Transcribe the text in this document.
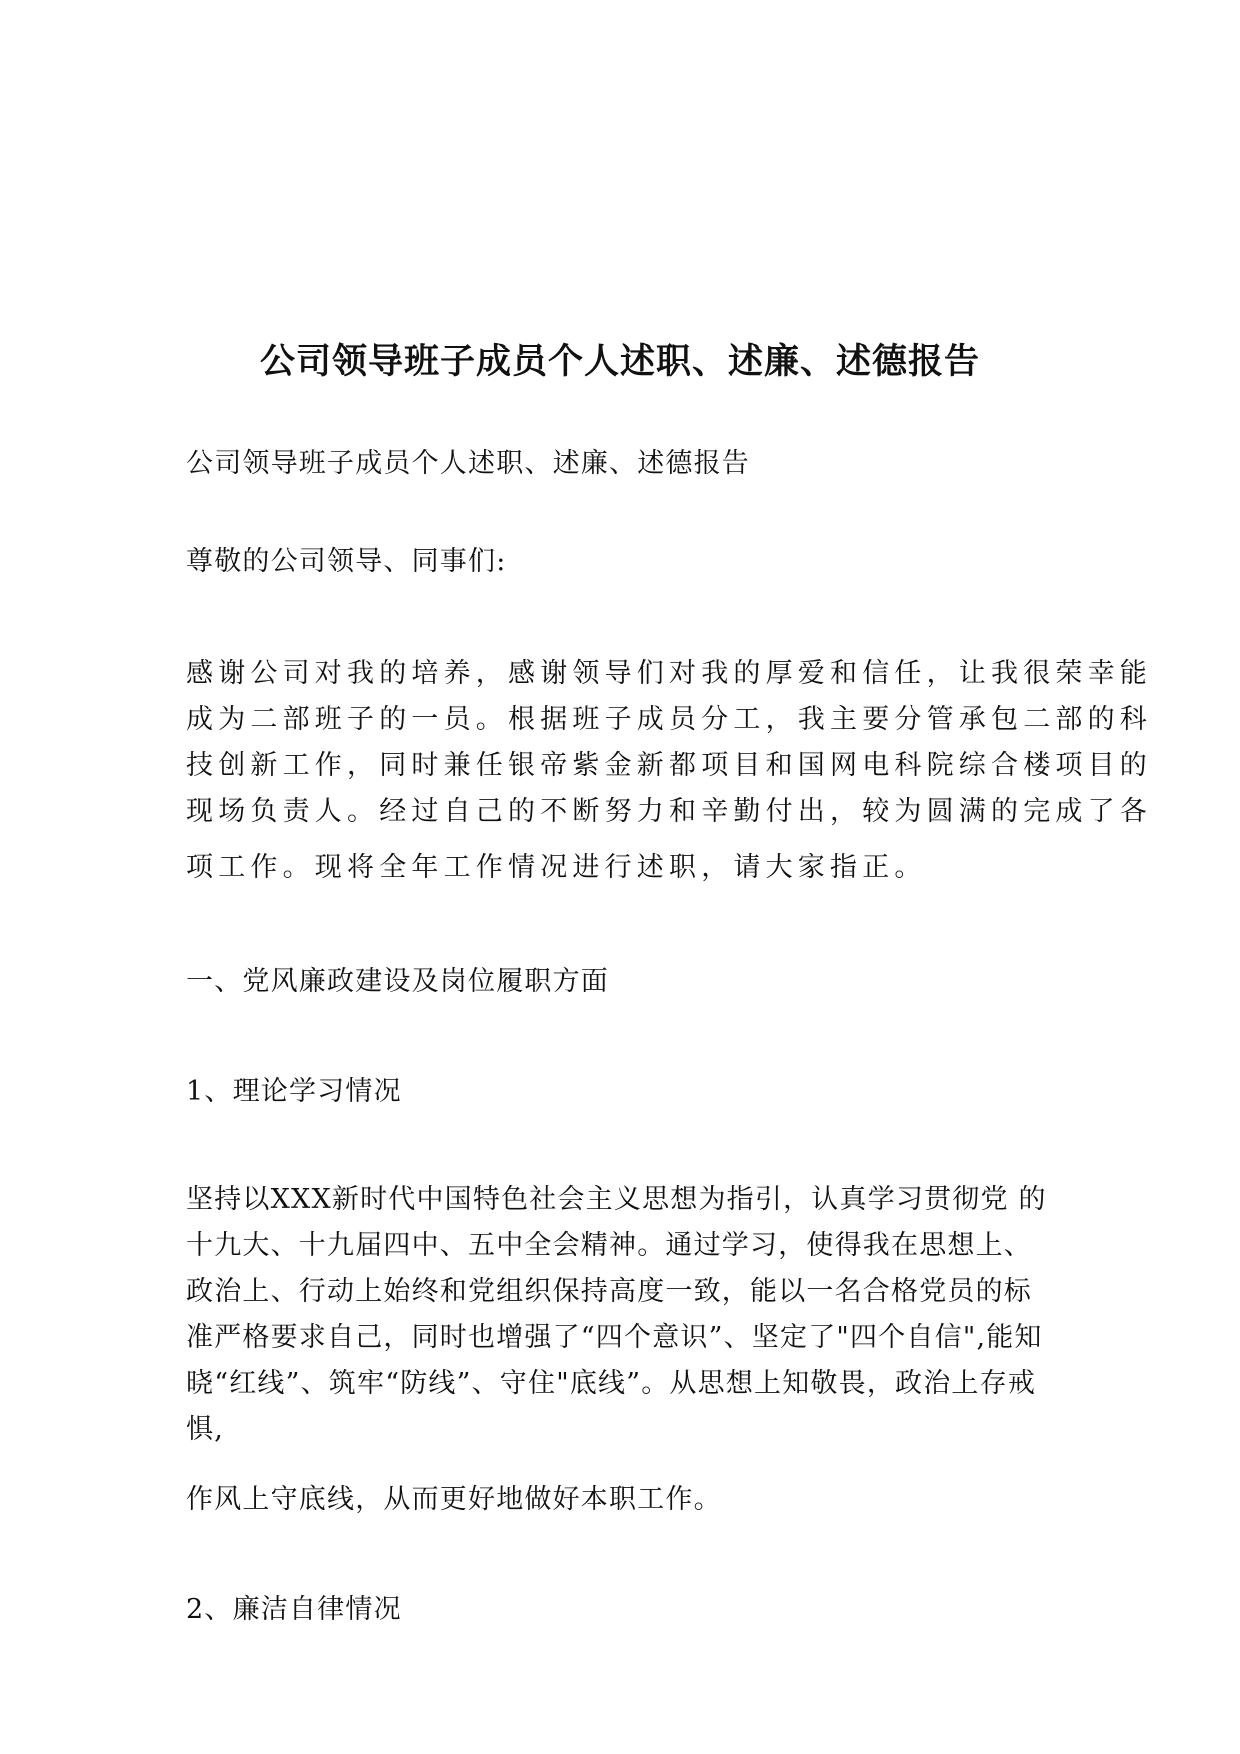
公司领导班子成员个人述职、述廉、述德报告

公司领导班子成员个人述职、述廉、述德报告

尊敬的公司领导、同事们:

感谢公司对我的培养，感谢领导们对我的厚爱和信任，让我很荣幸能

成为二部班子的一员。根据班子成员分工，我主要分管承包二部的科

技创新工作，同时兼任银帝紫金新都项目和国网电科院综合楼项目的

现场负责人。经过自己的不断努力和辛勤付出，较为圆满的完成了各

项工作。现将全年工作情况进行述职，请大家指正。

一、党风廉政建设及岗位履职方面

1、理论学习情况

坚持以XXX新时代中国特色社会主义思想为指引，认真学习贯彻党 的

十九大、十九届四中、五中全会精神。通过学习，使得我在思想上、

政治上、行动上始终和党组织保持高度一致，能以一名合格党员的标

准严格要求自己，同时也增强了“四个意识”、坚定了"四个自信",能知

晓“红线”、筑牢“防线”、守住"底线”。从思想上知敬畏，政治上存戒

惧,

作风上守底线，从而更好地做好本职工作。

2、廉洁自律情况
